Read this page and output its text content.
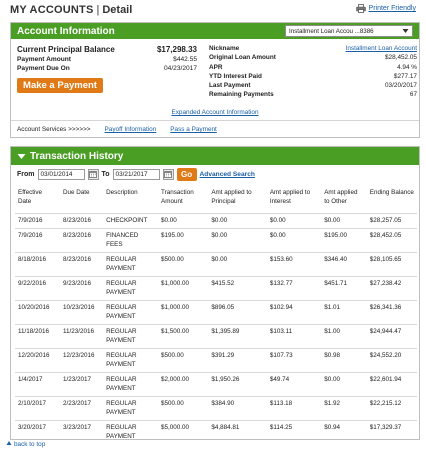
MY ACCOUNTS | Detail	Printer Friendly
Account Information	Installment Loan Accou ...8386
Current Principal Balance	$17,298.33
Payment Amount	$442.55
Payment Due On	04/23/2017
Make a Payment
Nickname	Installment Loan Account
Original Loan Amount	$28,452.05
APR	4.94 %
YTD Interest Paid	$277.17
Last Payment	03/20/2017
Remaining Payments	67
Expanded Account Information
Account Services >>>>>> Payoff Information Pass a Payment
Transaction History
From 03/01/2014	To 03/21/2017	Go	Advanced Search
Effective Date	Due Date	Description	Transaction Amount	Amt applied to Principal	Amt applied to Interest	Amt applied to Other	Ending Balance
7/9/2016	8/23/2016	CHECKPOINT	$0.00	$0.00	$0.00	$0.00	$28,257.05
7/9/2016	8/23/2016	FINANCED FEES	$195.00	$0.00	$0.00	$195.00	$28,452.05
8/18/2016	8/23/2016	REGULAR PAYMENT	$500.00	$0.00	$153.60	$346.40	$28,105.65
9/22/2016	9/23/2016	REGULAR PAYMENT	$1,000.00	$415.52	$132.77	$451.71	$27,238.42
10/20/2016	10/23/2016	REGULAR PAYMENT	$1,000.00	$896.05	$102.94	$1.01	$26,341.36
11/18/2016	11/23/2016	REGULAR PAYMENT	$1,500.00	$1,395.89	$103.11	$1.00	$24,944.47
12/20/2016	12/23/2016	REGULAR PAYMENT	$500.00	$391.29	$107.73	$0.98	$24,552.20
1/4/2017	1/23/2017	REGULAR PAYMENT	$2,000.00	$1,950.26	$49.74	$0.00	$22,601.94
2/10/2017	2/23/2017	REGULAR PAYMENT	$500.00	$384.90	$113.18	$1.92	$22,215.12
3/20/2017	3/23/2017	REGULAR PAYMENT	$5,000.00	$4,884.81	$114.25	$0.94	$17,329.37
back to top
